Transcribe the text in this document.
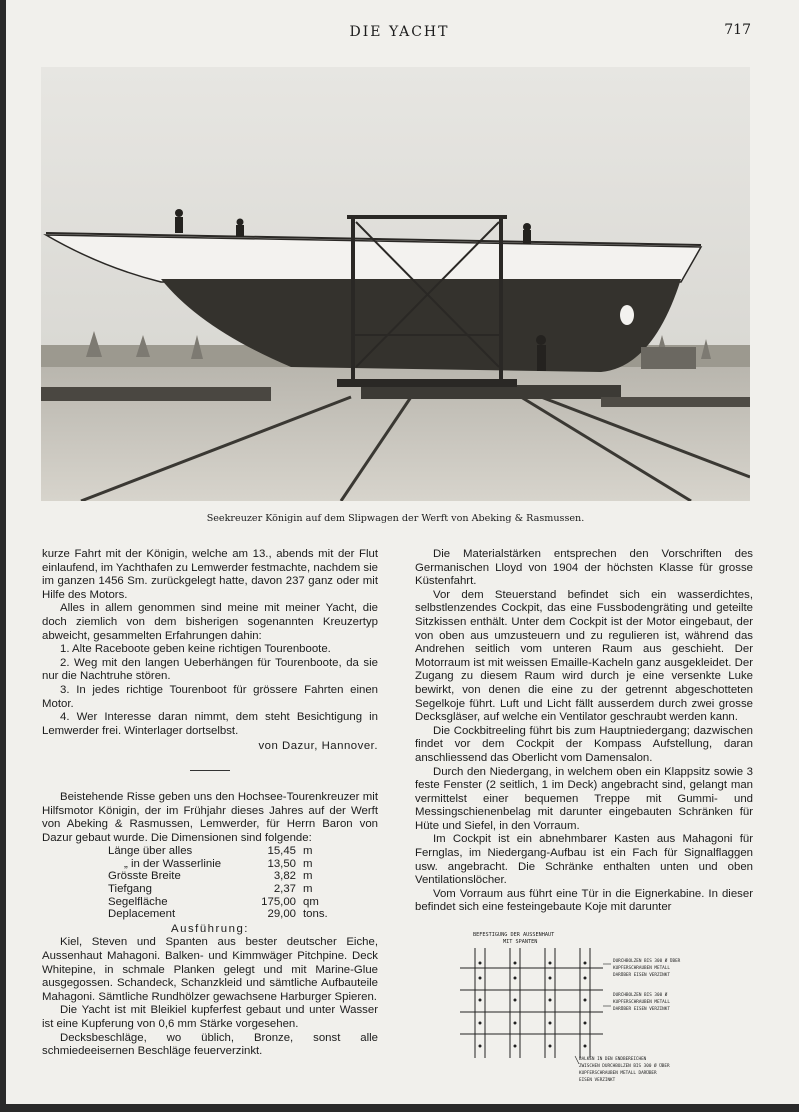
DIE YACHT	717
Seekreuzer Königin auf dem Slipwagen der Werft von Abeking & Rasmussen.

kurze Fahrt mit der Königin, welche am 13., abends mit der Flut einlaufend, im Yachthafen zu Lemwerder festmachte, nachdem sie im ganzen 1456 Sm. zurückgelegt hatte, davon 237 ganz oder mit Hilfe des Motors.

Alles in allem genommen sind meine mit meiner Yacht, die doch ziemlich von dem bisherigen sogenannten Kreuzertyp abweicht, gesammelten Erfahrungen dahin:

1. Alte Raceboote geben keine richtigen Tourenboote.

2. Weg mit den langen Ueberhängen für Tourenboote, da sie nur die Nachtruhe stören.

3. In jedes richtige Tourenboot für grössere Fahrten einen Motor.

4. Wer Interesse daran nimmt, dem steht Besichtigung in Lemwerder frei. Winterlager dortselbst.

von Dazur, Hannover.

Beistehende Risse geben uns den Hochsee-Tourenkreuzer mit Hilfsmotor Königin, der im Frühjahr dieses Jahres auf der Werft von Abeking & Rasmussen, Lemwerder, für Herrn Baron von Dazur gebaut wurde. Die Dimensionen sind folgende:

Länge über alles	15,45	m
„ in der Wasserlinie	13,50	m
Grösste Breite	3,82	m
Tiefgang	2,37	m
Segelfläche	175,00	qm
Deplacement	29,00	tons.
Ausführung:

Kiel, Steven und Spanten aus bester deutscher Eiche, Aussenhaut Mahagoni. Balken- und Kimmwäger Pitchpine. Deck Whitepine, in schmale Planken gelegt und mit Marine-Glue ausgegossen. Schandeck, Schanzkleid und sämtliche Aufbauteile Mahagoni. Sämtliche Rundhölzer gewachsene Harburger Spieren.

Die Yacht ist mit Bleikiel kupferfest gebaut und unter Wasser ist eine Kupferung von 0,6 mm Stärke vorgesehen.

Decksbeschläge, wo üblich, Bronze, sonst alle schmiedeeisernen Beschläge feuerverzinkt.

Die Materialstärken entsprechen den Vorschriften des Germanischen Lloyd von 1904 der höchsten Klasse für grosse Küstenfahrt.

Vor dem Steuerstand befindet sich ein wasserdichtes, selbstlenzendes Cockpit, das eine Fussbodengräting und geteilte Sitzkissen enthält. Unter dem Cockpit ist der Motor eingebaut, der von oben aus umzusteuern und zu regulieren ist, während das Andrehen seitlich vom unteren Raum aus geschieht. Der Motorraum ist mit weissen Emaille-Kacheln ganz ausgekleidet. Der Zugang zu diesem Raum wird durch je eine versenkte Luke bewirkt, von denen die eine zu der getrennt abgeschotteten Segelkoje führt. Luft und Licht fällt ausserdem durch zwei grosse Decksgläser, auf welche ein Ventilator geschraubt werden kann.

Die Cockbitreeling führt bis zum Hauptniedergang; dazwischen findet vor dem Cockpit der Kompass Aufstellung, daran anschliessend das Oberlicht vom Damensalon.

Durch den Niedergang, in welchem oben ein Klappsitz sowie 3 feste Fenster (2 seitlich, 1 im Deck) angebracht sind, gelangt man vermittelst einer bequemen Treppe mit Gummi- und Messingschienenbelag mit darunter eingebauten Schränken für Hüte und Siefel, in den Vorraum.

Im Cockpit ist ein abnehmbarer Kasten aus Mahagoni für Fernglas, im Niedergang-Aufbau ist ein Fach für Signalflaggen usw. angebracht. Die Schränke enthalten unten und oben Ventilationslöcher.

Vom Vorraum aus führt eine Tür in die Eignerkabine. In dieser befindet sich eine festeingebaute Koje mit darunter

BEFESTIGUNG DER AUSSENHAUT
MIT SPANTEN
DURCHBOLZEN BIS 300 Ø ÜBER
KUPFERSCHRAUBEN METALL
DARÜBER EISEN VERZINKT
DURCHBOLZEN BIS 300 Ø
KUPFERSCHRAUBEN METALL
DARÜBER EISEN VERZINKT
BALKEN IN DEN ENDBEREICHEN
ZWISCHEN DURCHBOLZEN BIS 300 Ø ÜBER
KUPFERSCHRAUBEN METALL DARÜBER
EISEN VERZINKT
